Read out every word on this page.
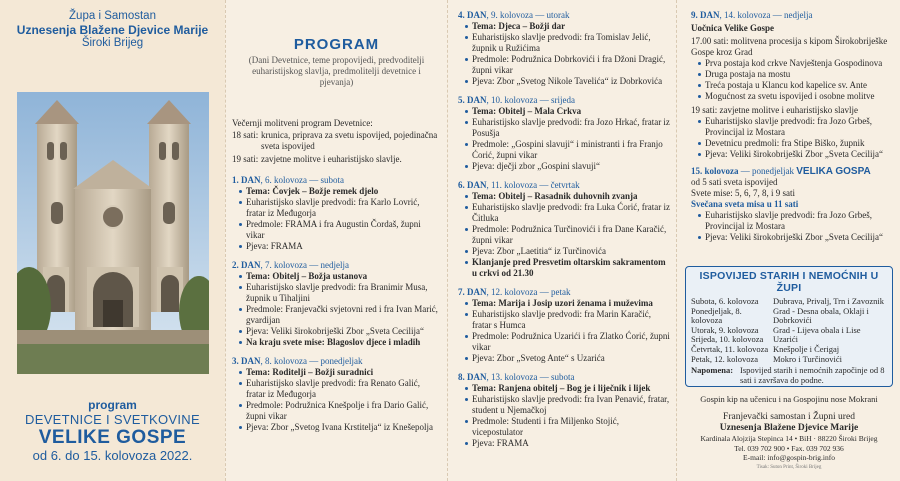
Župa i Samostan
Uznesenja Blažene Djevice Marije
Široki Brijeg
program
DEVETNICE I SVETKOVINE
VELIKE GOSPE
od 6. do 15. kolovoza 2022.
PROGRAM
(Dani Devetnice, teme propovijedi, predvoditelji euharistijskog slavlja, predmolitelji devetnice i pjevanja)
Večernji molitveni program Devetnice:
18 sati: krunica, priprava za svetu ispovijed, pojedinačna sveta ispovijed
19 sati: zavjetne molitve i euharistijsko slavlje.
1. DAN, 6. kolovoza — subota
Tema: Čovjek – Božje remek djelo
Euharistijsko slavlje predvodi: fra Karlo Lovrić, fratar iz Međugorja
Predmole: FRAMA i fra Augustin Čordaš, župni vikar
Pjeva: FRAMA
2. DAN, 7. kolovoza — nedjelja
Tema: Obitelj – Božja ustanova
Euharistijsko slavlje predvodi: fra Branimir Musa, župnik u Tihaljini
Predmole: Franjevački svjetovni red i fra Ivan Marić, gvardijan
Pjeva: Veliki širokobriješki Zbor „Sveta Cecilija“
Na kraju svete mise: Blagoslov djece i mladih
3. DAN, 8. kolovoza — ponedjeljak
Tema: Roditelji – Božji suradnici
Euharistijsko slavlje predvodi: fra Renato Galić, fratar iz Međugorja
Predmole: Podružnica Knešpolje i fra Dario Galić, župni vikar
Pjeva: Zbor „Svetog Ivana Krstitelja“ iz Knešepolja
4. DAN, 9. kolovoza — utorak
Tema: Djeca – Božji dar
Euharistijsko slavlje predvodi: fra Tomislav Jelić, župnik u Ružićima
Predmole: Podružnica Dobrkovići i fra Džoni Dragić, župni vikar
Pjeva: Zbor „Svetog Nikole Tavelića“ iz Dobrkovića
5. DAN, 10. kolovoza — srijeda
Tema: Obitelj – Mala Crkva
Euharistijsko slavlje predvodi: fra Jozo Hrkać, fratar iz Posušja
Predmole: „Gospini slavuji“ i ministranti i fra Franjo Ćorić, župni vikar
Pjeva: dječji zbor „Gospini slavuji“
6. DAN, 11. kolovoza — četvrtak
Tema: Obitelj – Rasadnik duhovnih zvanja
Euharistijsko slavlje predvodi: fra Luka Ćorić, fratar iz Čitluka
Predmole: Podružnica Turčinovići i fra Dane Karačić, župni vikar
Pjeva: Zbor „Laetitia“ iz Turčinovića
Klanjanje pred Presvetim oltarskim sakramentom u crkvi od 21.30
7. DAN, 12. kolovoza — petak
Tema: Marija i Josip uzori ženama i muževima
Euharistijsko slavlje predvodi: fra Marin Karačić, fratar s Humca
Predmole: Podružnica Uzarići i fra Zlatko Ćorić, župni vikar
Pjeva: Zbor „Svetog Ante“ s Uzarića
8. DAN, 13. kolovoza — subota
Tema: Ranjena obitelj – Bog je i liječnik i lijek
Euharistijsko slavlje predvodi: fra Ivan Penavić, fratar, student u Njemačkoj
Predmole: Studenti i fra Miljenko Stojić, vicepostulator
Pjeva: FRAMA
9. DAN, 14. kolovoza — nedjelja
Uočnica Velike Gospe
17.00 sati: molitvena procesija s kipom Širokobriješke Gospe kroz Grad
Prva postaja kod crkve Navještenja Gospodinova
Druga postaja na mostu
Treća postaja u Klancu kod kapelice sv. Ante
Mogućnost za svetu ispovijed i osobne molitve
19 sati: zavjetne molitve i euharistijsko slavlje
Euharistijsko slavlje predvodi: fra Jozo Grbeš, Provincijal iz Mostara
Devetnicu predmoli: fra Stipe Biško, župnik
Pjeva: Veliki širokobriješki Zbor „Sveta Cecilija“
15. kolovoza — ponedjeljak VELIKA GOSPA
od 5 sati sveta ispovijed
Svete mise: 5, 6, 7, 8, i 9 sati
Svečana sveta misa u 11 sati
Euharistijsko slavlje predvodi: fra Jozo Grbeš, Provincijal iz Mostara
Pjeva: Veliki širokobriješki Zbor „Sveta Cecilija“
ISPOVIJED STARIH I NEMOĆNIH U ŽUPI
Subota, 6. kolovoza	Dubrava, Privalj, Trn i Zavoznik
Ponedjeljak, 8. kolovoza	Grad - Desna obala, Oklaji i Dobrkovići
Utorak, 9. kolovoza	Grad - Lijeva obala i Lise
Srijeda, 10. kolovoza	Uzarići
Četvrtak, 11. kolovoza	Knešpolje i Čerigaj
Petak, 12. kolovoza	Mokro i Turčinovići
Napomena: Ispovijed starih i nemoćnih započinje od 8 sati i završava do podne.
Gospin kip na učenicu i na Gospojinu nose Mokrani
Franjevački samostan i Župni ured
Uznesenja Blažene Djevice Marije
Kardinala Alojzija Stepinca 14 • BiH · 88220 Široki Brijeg
Tel. 039 702 900 • Fax. 039 702 936
E-mail: info@gospin-brig.info
Tisak: Suton Print, Široki Brijeg
